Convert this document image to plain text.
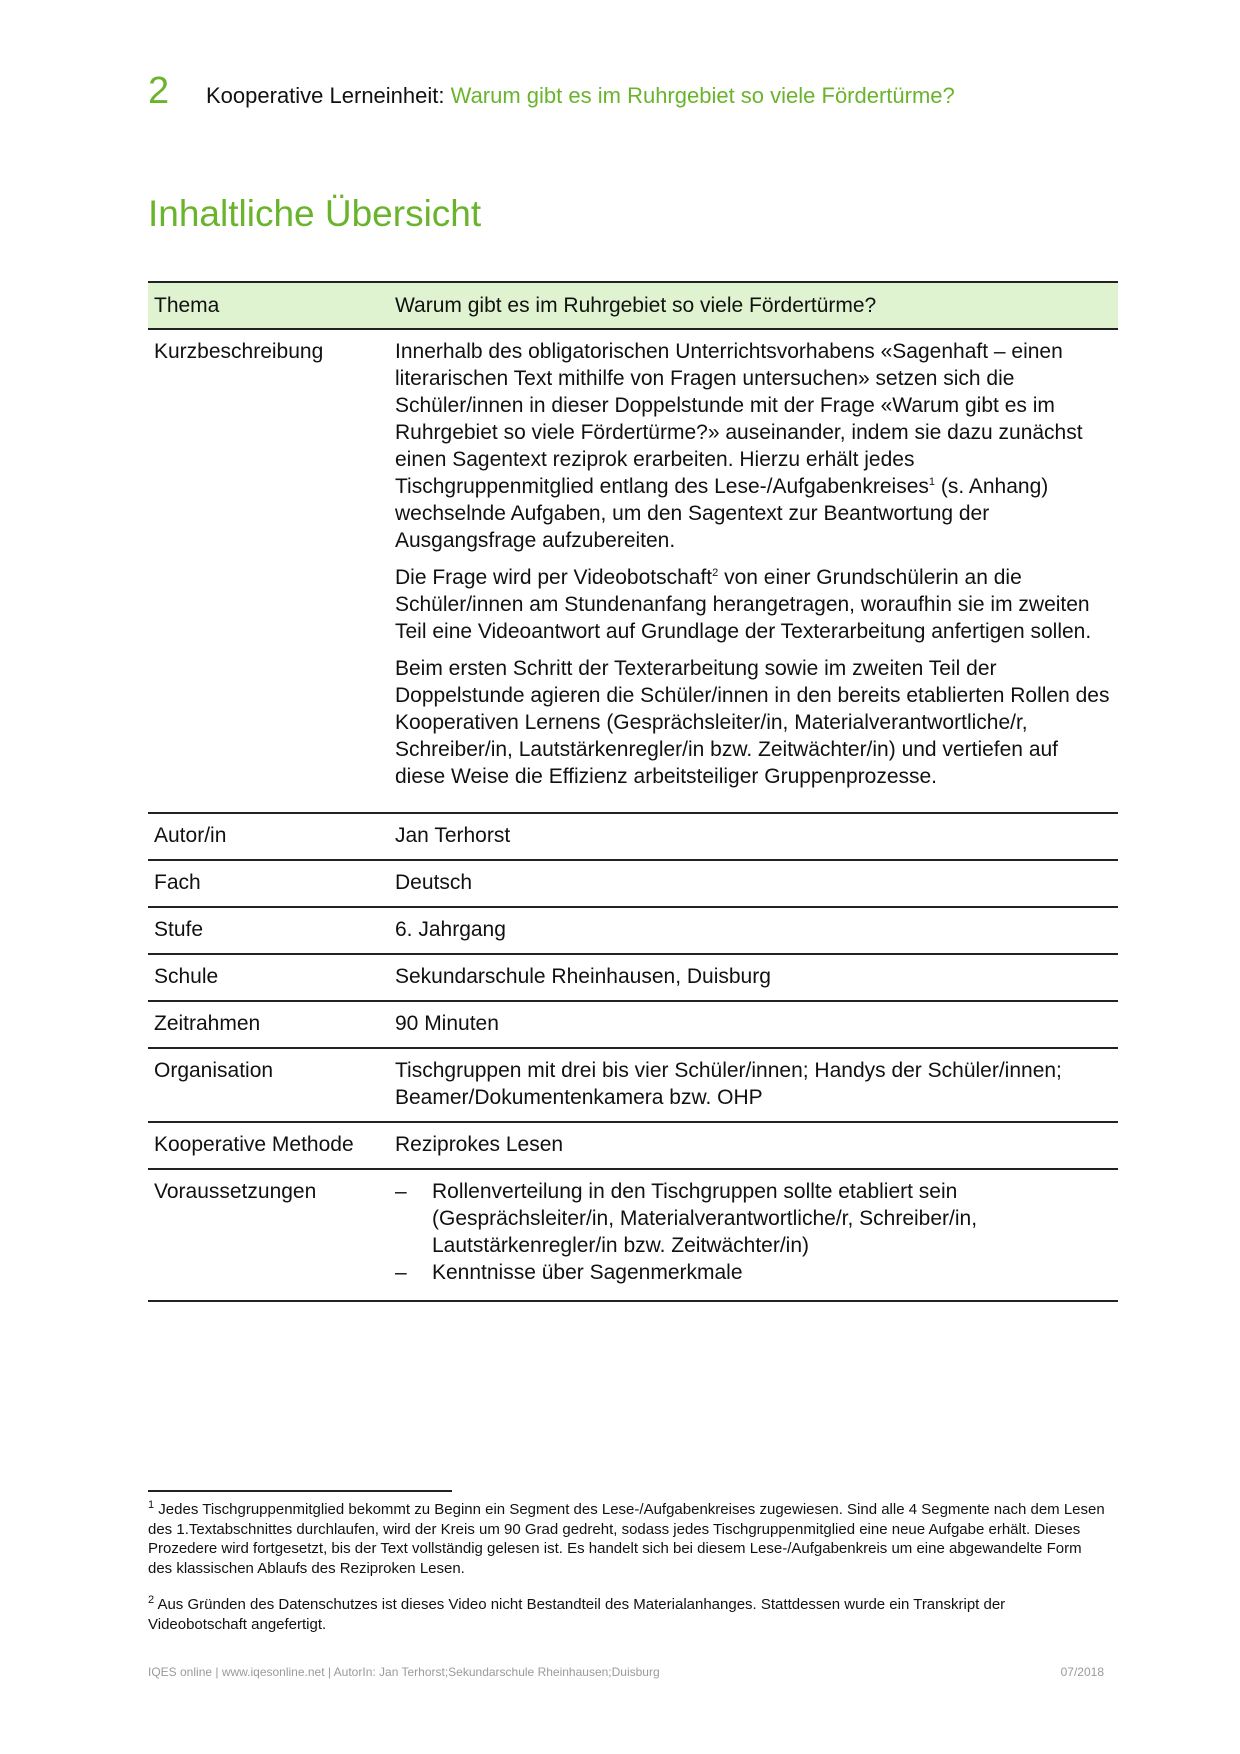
2	Kooperative Lerneinheit: Warum gibt es im Ruhrgebiet so viele Fördertürme?
Inhaltliche Übersicht
Thema	Warum gibt es im Ruhrgebiet so viele Fördertürme?
Kurzbeschreibung	Innerhalb des obligatorischen Unterrichtsvorhabens «Sagenhaft – einen literarischen Text mithilfe von Fragen untersuchen» setzen sich die Schüler/innen in dieser Doppelstunde mit der Frage «Warum gibt es im Ruhrgebiet so viele Fördertürme?» auseinander, indem sie dazu zunächst einen Sagentext reziprok erarbeiten. Hierzu erhält jedes Tischgruppenmitglied entlang des Lese-/Aufgabenkreises$^1$ (s. Anhang) wechselnde Aufgaben, um den Sagentext zur Beantwortung der Ausgangsfrage aufzubereiten.

Die Frage wird per Videobotschaft$^2$ von einer Grundschülerin an die Schüler/innen am Stundenanfang herangetragen, woraufhin sie im zweiten Teil eine Videoantwort auf Grundlage der Texterarbeitung anfertigen sollen.

Beim ersten Schritt der Texterarbeitung sowie im zweiten Teil der Doppelstunde agieren die Schüler/innen in den bereits etablierten Rollen des Kooperativen Lernens (Gesprächsleiter/in, Materialverantwortliche/r, Schreiber/in, Lautstärkenregler/in bzw. Zeitwächter/in) und vertiefen auf diese Weise die Effizienz arbeitsteiliger Gruppenprozesse.

Autor/in	Jan Terhorst
Fach	Deutsch
Stufe	6. Jahrgang
Schule	Sekundarschule Rheinhausen, Duisburg
Zeitrahmen	90 Minuten
Organisation	Tischgruppen mit drei bis vier Schüler/innen; Handys der Schüler/innen; Beamer/Dokumentenkamera bzw. OHP
Kooperative Methode	Reziprokes Lesen
Voraussetzungen	
–Rollenverteilung in den Tischgruppen sollte etabliert sein (Gesprächsleiter/in, Materialverantwortliche/r, Schreiber/in, Lautstärkenregler/in bzw. Zeitwächter/in)
– Kenntnisse über Sagenmerkmale

$^1$ Jedes Tischgruppenmitglied bekommt zu Beginn ein Segment des Lese-/Aufgabenkreises zugewiesen. Sind alle 4 Segmente nach dem Lesen des 1.Textabschnittes durchlaufen, wird der Kreis um 90 Grad gedreht, sodass jedes Tischgruppenmitglied eine neue Aufgabe erhält. Dieses Prozedere wird fortgesetzt, bis der Text vollständig gelesen ist. Es handelt sich bei diesem Lese-/Aufgabenkreis um eine abgewandelte Form des klassischen Ablaufs des Reziproken Lesen.

$^2$ Aus Gründen des Datenschutzes ist dieses Video nicht Bestandteil des Materialanhanges. Stattdessen wurde ein Transkript der Videobotschaft angefertigt.

IQES online | www.iqesonline.net | AutorIn: Jan Terhorst;Sekundarschule Rheinhausen;Duisburg	07/2018
